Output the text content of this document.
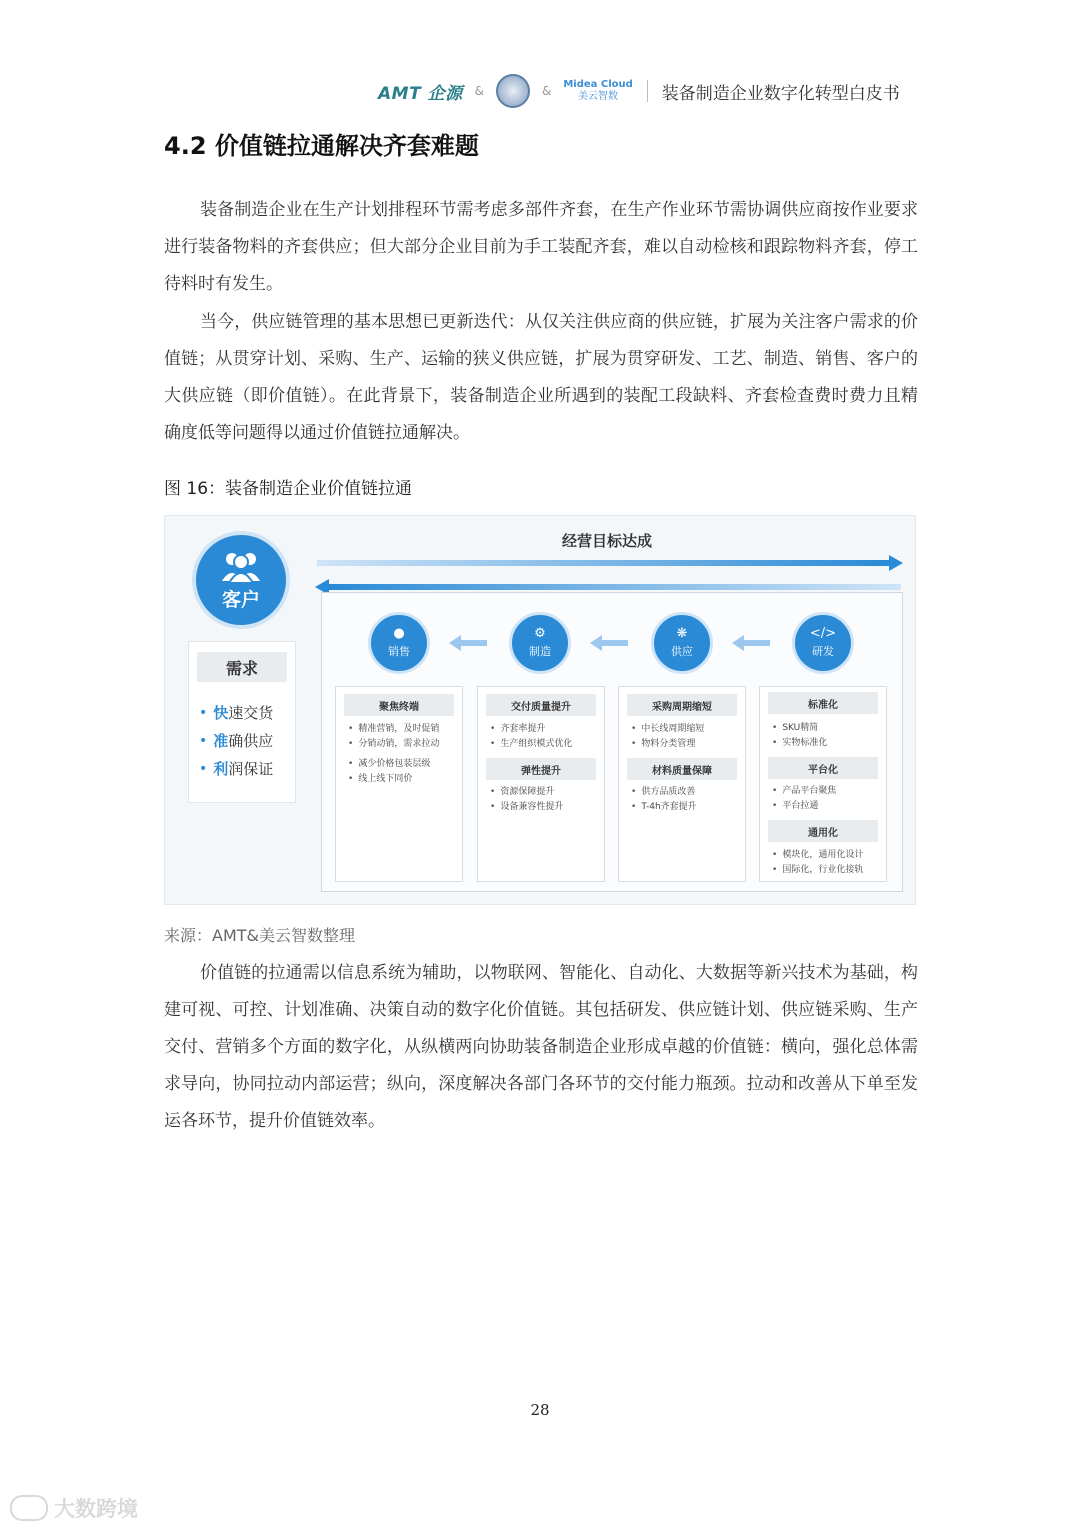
AMT 企源 &	& Midea Cloud
美云智数	装备制造企业数字化转型白皮书
4.2 价值链拉通解决齐套难题

装备制造企业在生产计划排程环节需考虑多部件齐套，在生产作业环节需协调供应商按作业要求进行装备物料的齐套供应；但大部分企业目前为手工装配齐套，难以自动检核和跟踪物料齐套，停工待料时有发生。

当今，供应链管理的基本思想已更新迭代：从仅关注供应商的供应链，扩展为关注客户需求的价值链；从贯穿计划、采购、生产、运输的狭义供应链，扩展为贯穿研发、工艺、制造、销售、客户的大供应链（即价值链）。在此背景下，装备制造企业所遇到的装配工段缺料、齐套检查费时费力且精确度低等问题得以通过价值链拉通解决。

图 16：装备制造企业价值链拉通
客户
需求
• 快 速交货
• 准 确供应
• 利 润保证
经营目标达成
●
销售
⚙
制造
❋
供应
</>
研发
聚焦终端
• 精准营销，及时促销
• 分销动销，需求拉动
• 减少价格包装层级
• 线上线下同价
交付质量提升
• 齐套率提升
• 生产组织模式优化
弹性提升
• 资源保障提升
• 设备兼容性提升
采购周期缩短
• 中长线周期缩短
• 物料分类管理
材料质量保障
• 供方品质改善
• T-4h齐套提升
标准化
• SKU精简
• 实物标准化
平台化
• 产品平台聚焦
• 平台拉通
通用化
• 模块化，通用化设计
• 国际化，行业化接轨
来源：AMT&美云智数整理

价值链的拉通需以信息系统为辅助，以物联网、智能化、自动化、大数据等新兴技术为基础，构建可视、可控、计划准确、决策自动的数字化价值链。其包括研发、供应链计划、供应链采购、生产交付、营销多个方面的数字化，从纵横两向协助装备制造企业形成卓越的价值链：横向，强化总体需求导向，协同拉动内部运营；纵向，深度解决各部门各环节的交付能力瓶颈。拉动和改善从下单至发运各环节，提升价值链效率。

28
大数跨境
